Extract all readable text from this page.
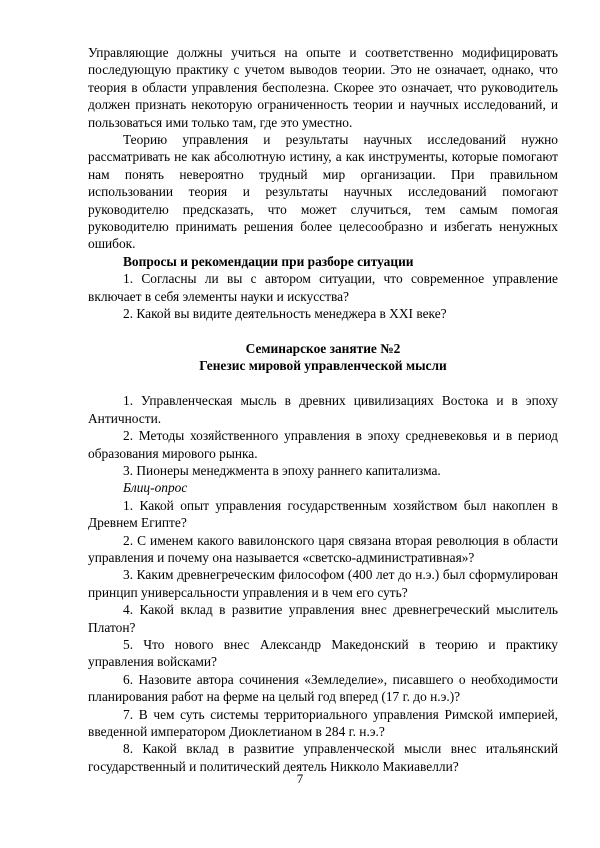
Управляющие должны учиться на опыте и соответственно модифицировать последующую практику с учетом выводов теории. Это не означает, однако, что теория в области управления бесполезна. Скорее это означает, что руководитель должен признать некоторую ограниченность теории и научных исследований, и пользоваться ими только там, где это уместно.

Теорию управления и результаты научных исследований нужно рассматривать не как абсолютную истину, а как инструменты, которые помогают нам понять невероятно трудный мир организации. При правильном использовании теория и результаты научных исследований помогают руководителю предсказать, что может случиться, тем самым помогая руководителю принимать решения более целесообразно и избегать ненужных ошибок.

Вопросы и рекомендации при разборе ситуации

1. Согласны ли вы с автором ситуации, что современное управление включает в себя элементы науки и искусства?

2. Какой вы видите деятельность менеджера в XXI веке?

Семинарское занятие №2

Генезис мировой управленческой мысли

1. Управленческая мысль в древних цивилизациях Востока и в эпоху Античности.

2. Методы хозяйственного управления в эпоху средневековья и в период образования мирового рынка.

3. Пионеры менеджмента в эпоху раннего капитализма.

Блиц-опрос

1. Какой опыт управления государственным хозяйством был накоплен в Древнем Египте?

2. С именем какого вавилонского царя связана вторая революция в области управления и почему она называется «светско-административная»?

3. Каким древнегреческим философом (400 лет до н.э.) был сформулирован принцип универсальности управления и в чем его суть?

4. Какой вклад в развитие управления внес древнегреческий мыслитель Платон?

5. Что нового внес Александр Македонский в теорию и практику управления войсками?

6. Назовите автора сочинения «Земледелие», писавшего о необходимости планирования работ на ферме на целый год вперед (17 г. до н.э.)?

7. В чем суть системы территориального управления Римской империей, введенной императором Диоклетианом в 284 г. н.э.?

8. Какой вклад в развитие управленческой мысли внес итальянский государственный и политический деятель Никколо Макиавелли?

7
